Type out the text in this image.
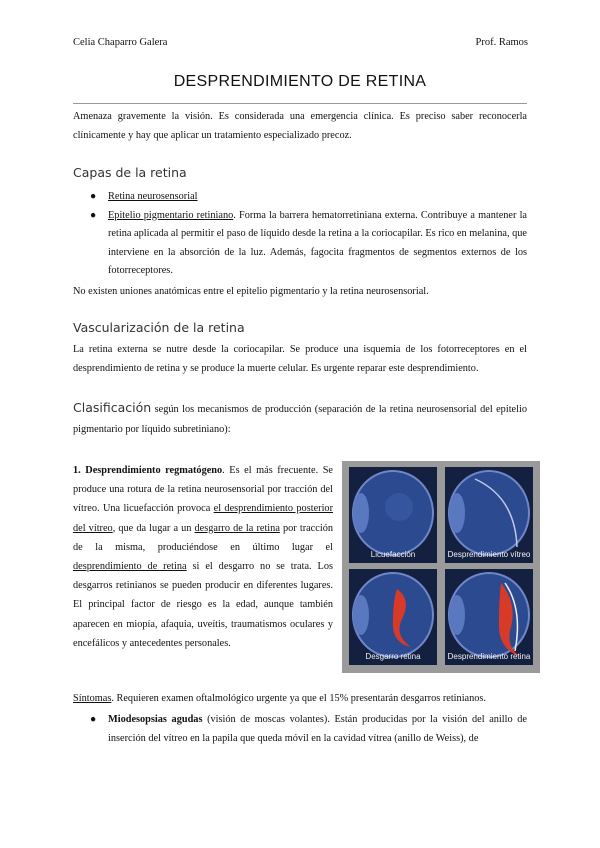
Celia Chaparro Galera	Prof. Ramos
DESPRENDIMIENTO DE RETINA
Amenaza gravemente la visión. Es considerada una emergencia clínica. Es preciso saber reconocerla clínicamente y hay que aplicar un tratamiento especializado precoz.
Capas de la retina
● Retina neurosensorial
● Epitelio pigmentario retiniano. Forma la barrera hematorretiniana externa. Contribuye a mantener la retina aplicada al permitir el paso de líquido desde la retina a la coriocapilar. Es rico en melanina, que interviene en la absorción de la luz. Además, fagocita fragmentos de segmentos externos de los fotorreceptores.
No existen uniones anatómicas entre el epitelio pigmentario y la retina neurosensorial.
Vascularización de la retina
La retina externa se nutre desde la coriocapilar. Se produce una isquemia de los fotorreceptores en el desprendimiento de retina y se produce la muerte celular. Es urgente reparar este desprendimiento.
Clasificación según los mecanismos de producción (separación de la retina neurosensorial del epitelio pigmentario por líquido subretiniano):
1. Desprendimiento regmatógeno. Es el más frecuente. Se produce una rotura de la retina neurosensorial por tracción del vítreo. Una licuefacción provoca el desprendimiento posterior del vítreo, que da lugar a un desgarro de la retina por tracción de la misma, produciéndose en último lugar el desprendimiento de retina si el desgarro no se trata. Los desgarros retinianos se pueden producir en diferentes lugares. El principal factor de riesgo es la edad, aunque también aparecen en miopía, afaquia, uveítis, traumatismos oculares y encefálicos y antecedentes personales.
Licuefacción	Desprendimiento vítreo
Desgarro retina	Desprendimiento retina
Síntomas. Requieren examen oftalmológico urgente ya que el 15% presentarán desgarros retinianos.
● Miodesopsias agudas (visión de moscas volantes). Están producidas por la visión del anillo de inserción del vítreo en la papila que queda móvil en la cavidad vítrea (anillo de Weiss), de
